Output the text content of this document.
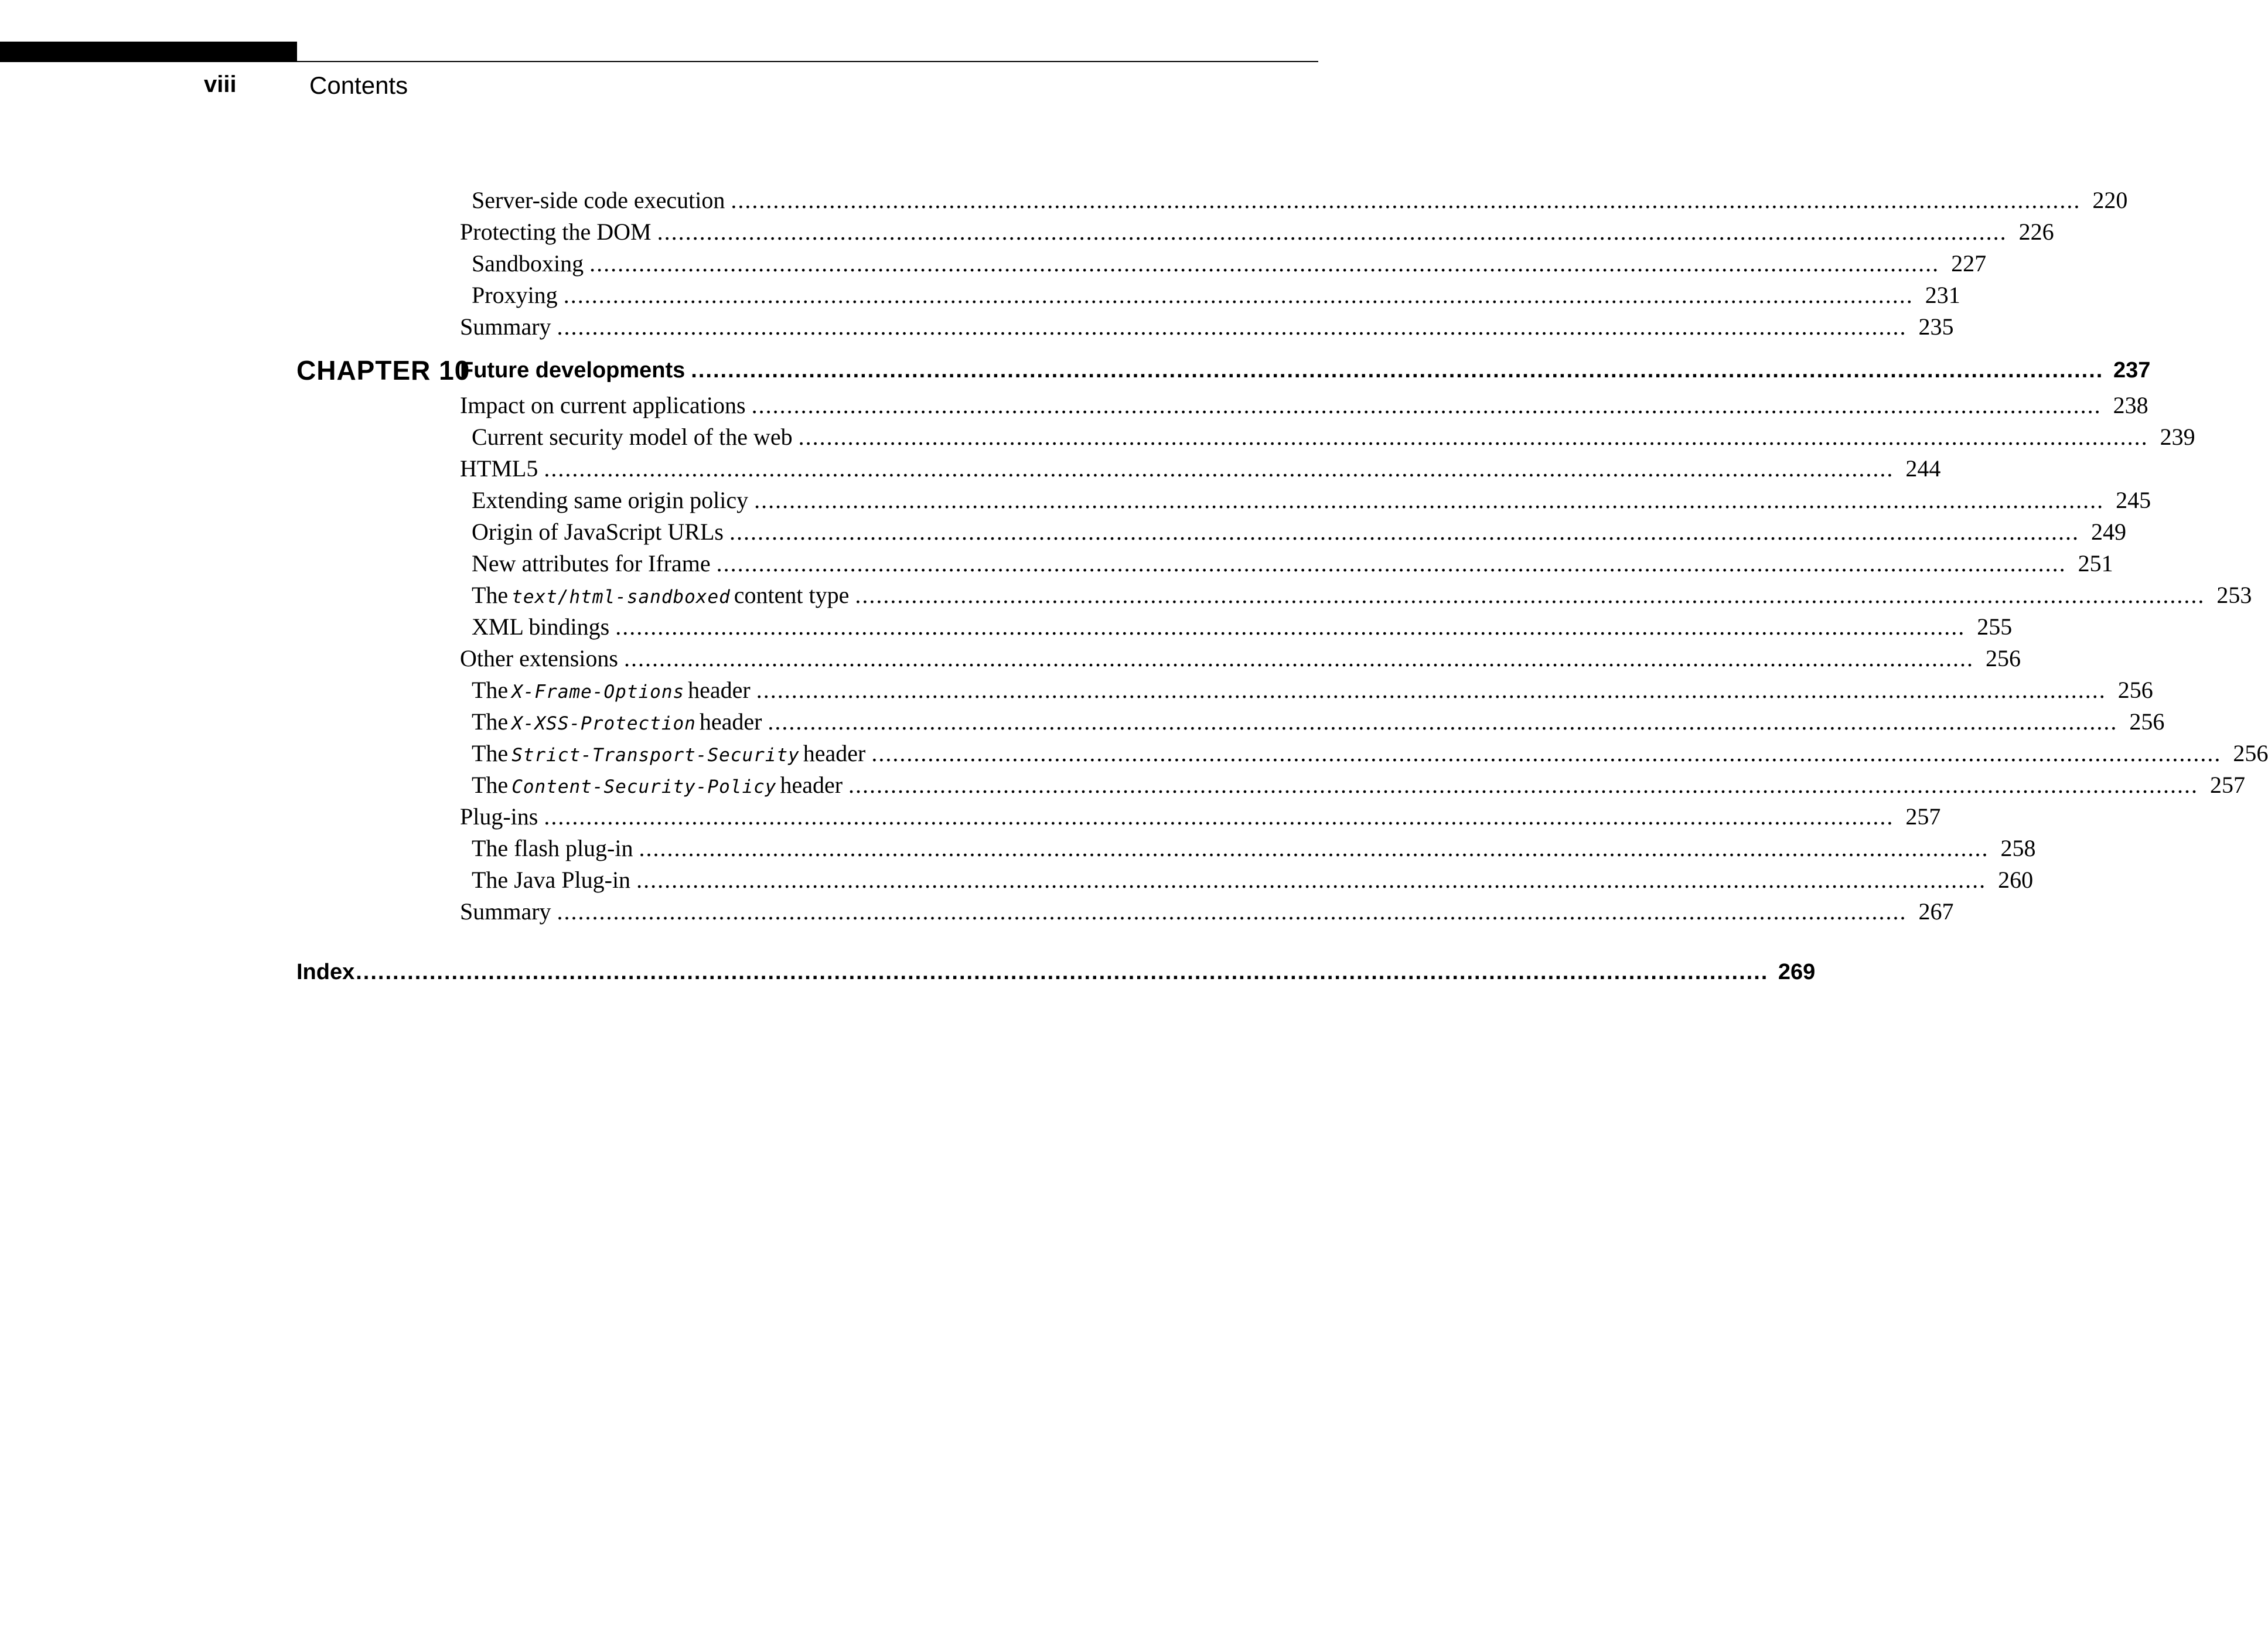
viii	Contents
Server-side code execution ................................................................................................................................................................................................ 220
Protecting the DOM ................................................................................................................................................................................................ 226
Sandboxing ................................................................................................................................................................................................ 227
Proxying ................................................................................................................................................................................................ 231
Summary ................................................................................................................................................................................................ 235
CHAPTER 10
Future developments ................................................................................................................................................................................................ 237
Impact on current applications ................................................................................................................................................................................................ 238
Current security model of the web ................................................................................................................................................................................................ 239
HTML5 ................................................................................................................................................................................................ 244
Extending same origin policy ................................................................................................................................................................................................ 245
Origin of JavaScript URLs ................................................................................................................................................................................................ 249
New attributes for Iframe ................................................................................................................................................................................................ 251
The text/html-sandboxed content type ................................................................................................................................................................................................ 253
XML bindings ................................................................................................................................................................................................ 255
Other extensions ................................................................................................................................................................................................ 256
The X-Frame-Options header ................................................................................................................................................................................................ 256
The X-XSS-Protection header ................................................................................................................................................................................................ 256
The Strict-Transport-Security header ................................................................................................................................................................................................ 256
The Content-Security-Policy header ................................................................................................................................................................................................ 257
Plug-ins ................................................................................................................................................................................................ 257
The flash plug-in ................................................................................................................................................................................................ 258
The Java Plug-in ................................................................................................................................................................................................ 260
Summary ................................................................................................................................................................................................ 267
Index ................................................................................................................................................................................................ 269
